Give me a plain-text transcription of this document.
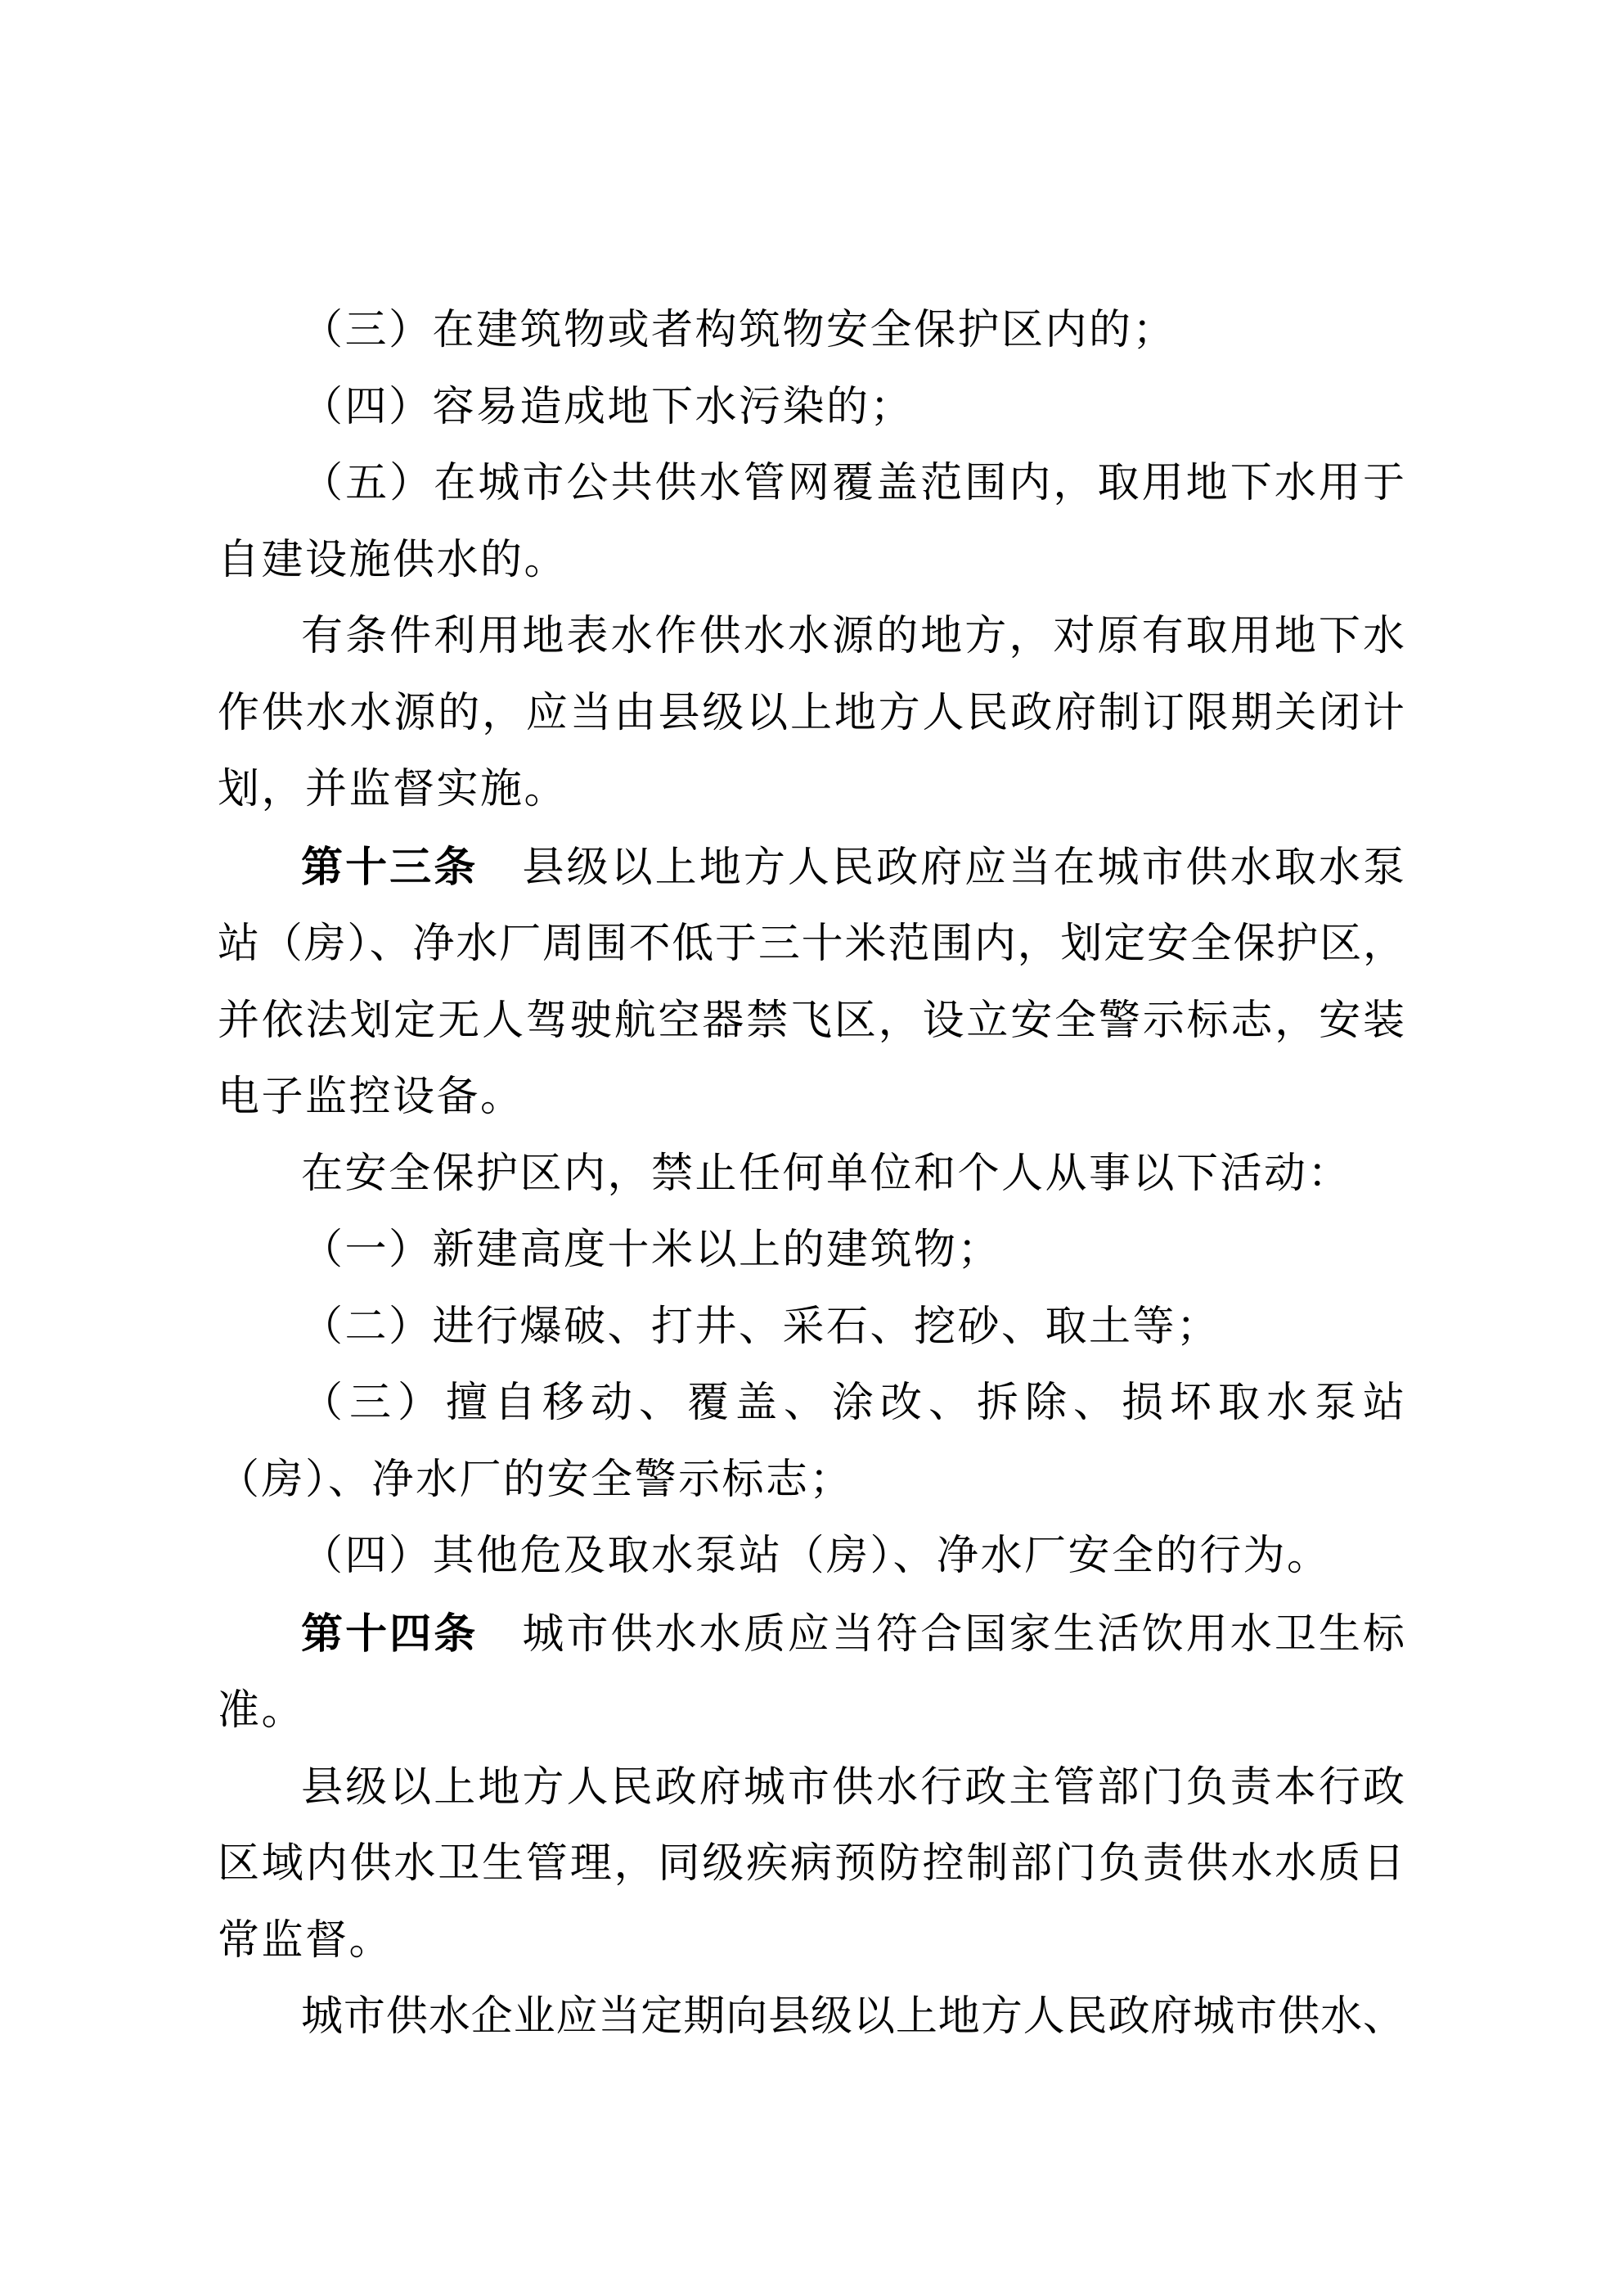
（三）在建筑物或者构筑物安全保护区内的；
（四）容易造成地下水污染的；
（五）在城市公共供水管网覆盖范围内，取用地下水用于
自建设施供水的。
有条件利用地表水作供水水源的地方，对原有取用地下水
作供水水源的，应当由县级以上地方人民政府制订限期关闭计
划，并监督实施。
第十三条　县级以上地方人民政府应当在城市供水取水泵
站（房）、净水厂周围不低于三十米范围内，划定安全保护区，
并依法划定无人驾驶航空器禁飞区，设立安全警示标志，安装
电子监控设备。
在安全保护区内，禁止任何单位和个人从事以下活动：
（一）新建高度十米以上的建筑物；
（二）进行爆破、打井、采石、挖砂、取土等；
（三）擅自移动、覆盖、涂改、拆除、损坏取水泵站
（房）、净水厂的安全警示标志；
（四）其他危及取水泵站（房）、净水厂安全的行为。
第十四条　城市供水水质应当符合国家生活饮用水卫生标
准。
县级以上地方人民政府城市供水行政主管部门负责本行政
区域内供水卫生管理，同级疾病预防控制部门负责供水水质日
常监督。
城市供水企业应当定期向县级以上地方人民政府城市供水、
